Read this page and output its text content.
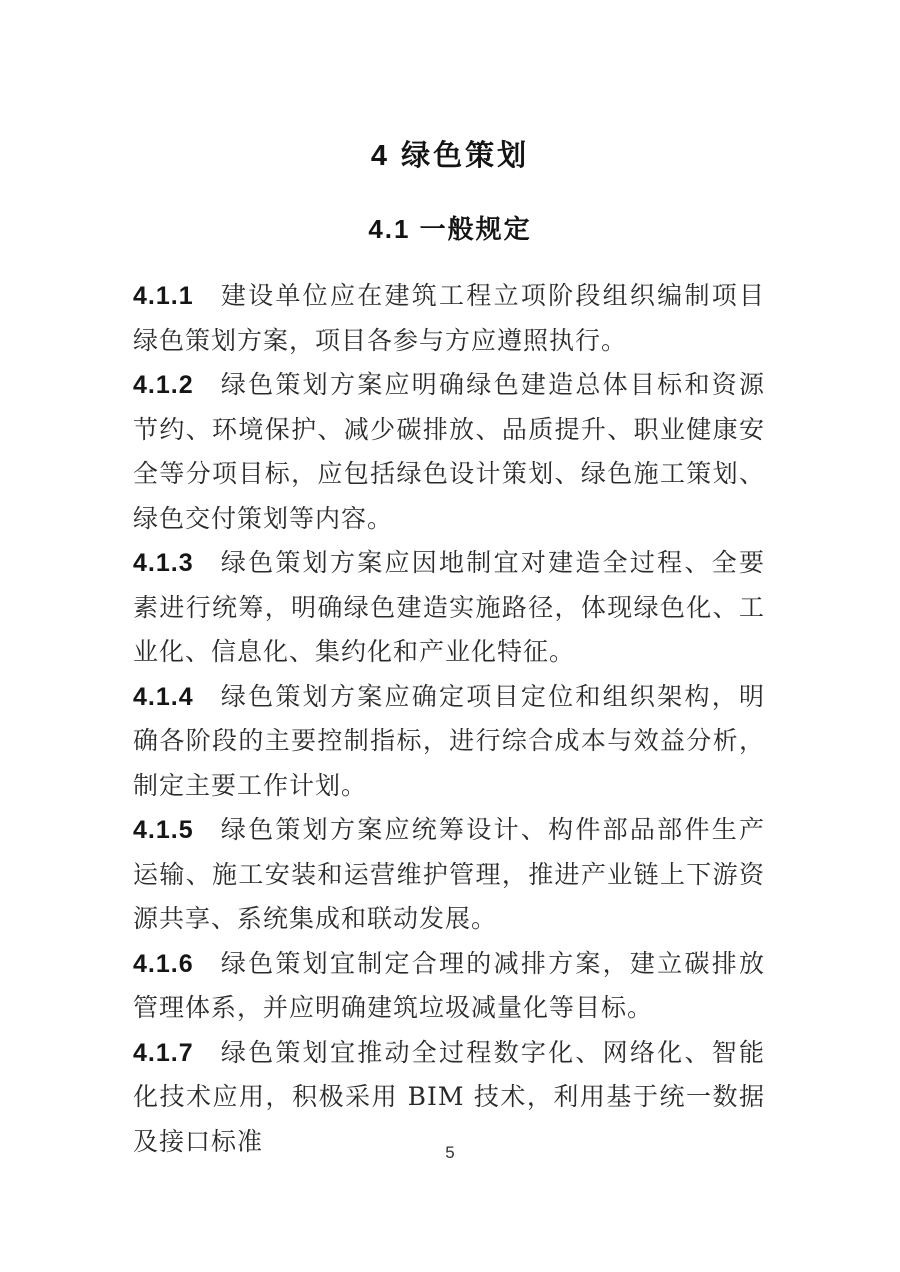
4 绿色策划
4.1 一般规定

4.1.1 建设单位应在建筑工程立项阶段组织编制项目绿色策划方案，项目各参与方应遵照执行。

4.1.2 绿色策划方案应明确绿色建造总体目标和资源节约、环境保护、减少碳排放、品质提升、职业健康安全等分项目标，应包括绿色设计策划、绿色施工策划、绿色交付策划等内容。

4.1.3 绿色策划方案应因地制宜对建造全过程、全要素进行统筹，明确绿色建造实施路径，体现绿色化、工业化、信息化、集约化和产业化特征。

4.1.4 绿色策划方案应确定项目定位和组织架构，明确各阶段的主要控制指标，进行综合成本与效益分析，制定主要工作计划。

4.1.5 绿色策划方案应统筹设计、构件部品部件生产运输、施工安装和运营维护管理，推进产业链上下游资源共享、系统集成和联动发展。

4.1.6 绿色策划宜制定合理的减排方案，建立碳排放管理体系，并应明确建筑垃圾减量化等目标。

4.1.7 绿色策划宜推动全过程数字化、网络化、智能化技术应用，积极采用 BIM 技术，利用基于统一数据及接口标准	5
